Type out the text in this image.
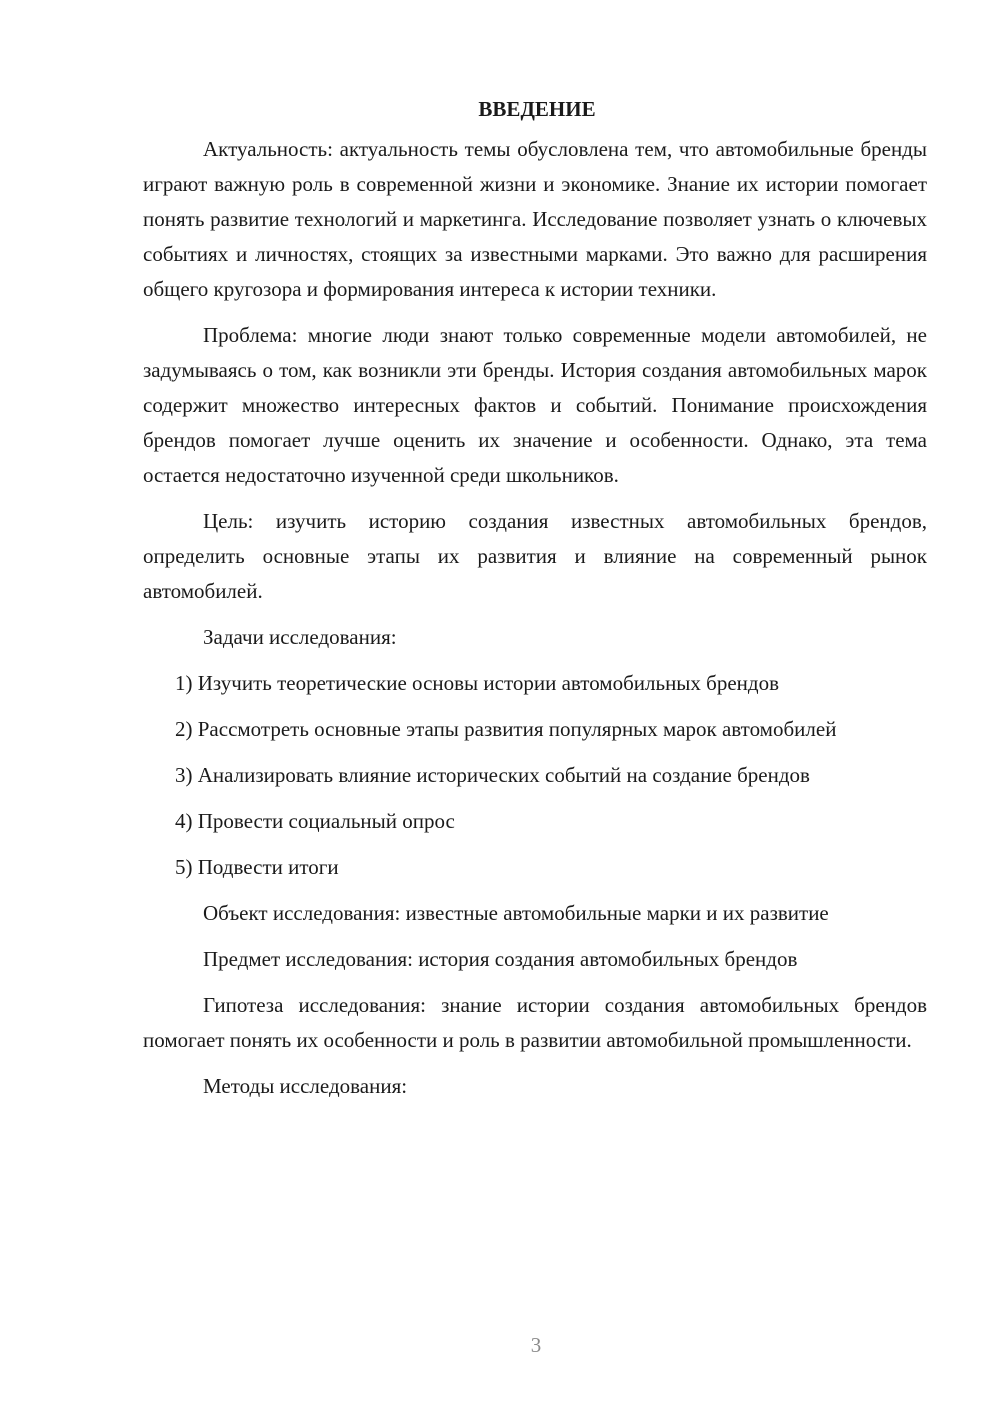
ВВЕДЕНИЕ

Актуальность: актуальность темы обусловлена тем, что автомобильные бренды играют важную роль в современной жизни и экономике. Знание их истории помогает понять развитие технологий и маркетинга. Исследование позволяет узнать о ключевых событиях и личностях, стоящих за известными марками. Это важно для расширения общего кругозора и формирования интереса к истории техники.

Проблема: многие люди знают только современные модели автомобилей, не задумываясь о том, как возникли эти бренды. История создания автомобильных марок содержит множество интересных фактов и событий. Понимание происхождения брендов помогает лучше оценить их значение и особенности. Однако, эта тема остается недостаточно изученной среди школьников.

Цель: изучить историю создания известных автомобильных брендов, определить основные этапы их развития и влияние на современный рынок автомобилей.

Задачи исследования:

1) Изучить теоретические основы истории автомобильных брендов

2) Рассмотреть основные этапы развития популярных марок автомобилей

3) Анализировать влияние исторических событий на создание брендов

4) Провести социальный опрос

5) Подвести итоги

Объект исследования: известные автомобильные марки и их развитие

Предмет исследования: история создания автомобильных брендов

Гипотеза исследования: знание истории создания автомобильных брендов помогает понять их особенности и роль в развитии автомобильной промышленности.

Методы исследования:

3
